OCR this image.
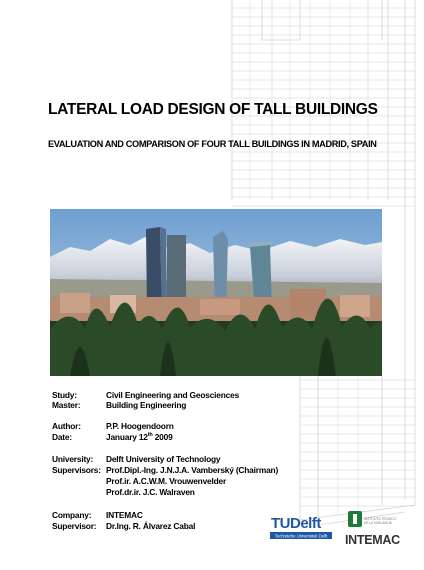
LATERAL LOAD DESIGN OF TALL BUILDINGS
EVALUATION AND COMPARISON OF FOUR TALL BUILDINGS IN MADRID, SPAIN
Study:	Civil Engineering and Geosciences
Master:	Building Engineering
Author:	P.P. Hoogendoorn
Date:	January 12th 2009
University: Delft University of Technology
Supervisors: Prof.Dipl.-Ing. J.N.J.A. Vamberský (Chairman)
Prof.ir. A.C.W.M. Vrouwenvelder
Prof.dr.ir. J.C. Walraven
Company: INTEMAC
Supervisor: Dr.Ing. R. Álvarez Cabal	TUDelft
Technische Universiteit Delft
INSTITUTO TÉCNICO
DE LA VIGILANCIA
INTEMAC
